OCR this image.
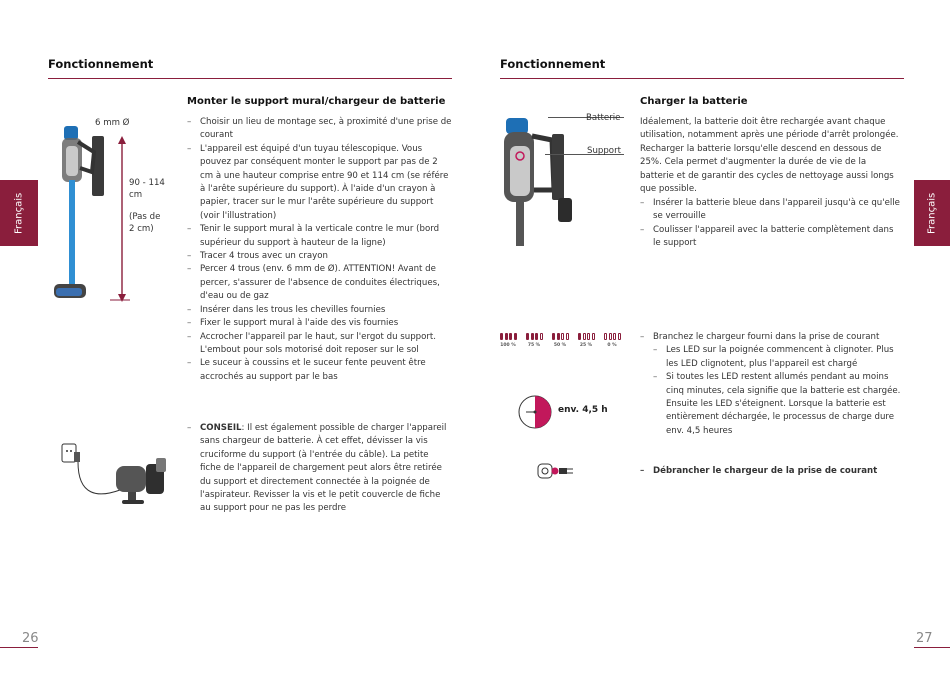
Fonctionnement
Français
6 mm Ø
90 - 114
cm
(Pas de
2 cm)
Monter le support mural/chargeur de batterie
– Choisir un lieu de montage sec, à proximité d'une prise de courant
– L'appareil est équipé d'un tuyau télescopique. Vous pouvez par conséquent monter le support par pas de 2 cm à une hauteur comprise entre 90 et 114 cm (se référe à l'arête supérieure du support). À l'aide d'un crayon à papier, tracer sur le mur l'arête supérieure du support (voir l'illustration)
– Tenir le support mural à la verticale contre le mur (bord supérieur du support à hauteur de la ligne)
– Tracer 4 trous avec un crayon
– Percer 4 trous (env. 6 mm de Ø). ATTENTION! Avant de percer, s'assurer de l'absence de conduites électriques, d'eau ou de gaz
– Insérer dans les trous les chevilles fournies
– Fixer le support mural à l'aide des vis fournies
– Accrocher l'appareil par le haut, sur l'ergot du support. L'embout pour sols motorisé doit reposer sur le sol
– Le suceur à coussins et le suceur fente peuvent être accrochés au support par le bas
– CONSEIL: Il est également possible de charger l'appareil sans chargeur de batterie. À cet effet, dévisser la vis cruciforme du support (à l'entrée du câble). La petite fiche de l'appareil de chargement peut alors être retirée du support et directement connectée à la poignée de l'aspirateur. Revisser la vis et le petit couvercle de fiche au support pour ne pas les perdre
26
Fonctionnement
Français
Batterie
Support
Charger la batterie
Idéalement, la batterie doit être rechargée avant chaque utilisation, notamment après une période d'arrêt prolongée. Recharger la batterie lorsqu'elle descend en dessous de 25%. Cela permet d'augmenter la durée de vie de la batterie et de garantir des cycles de nettoyage aussi longs que possible.
– Insérer la batterie bleue dans l'appareil jusqu'à ce qu'elle se verrouille
– Coulisser l'appareil avec la batterie complètement dans le support
100 %	75 %	50 %	25 %	0 %
env. 4,5 h
– Branchez le chargeur fourni dans la prise de courant
– Les LED sur la poignée commencent à clignoter. Plus les LED clignotent, plus l'appareil est chargé
– Si toutes les LED restent allumés pendant au moins cinq minutes, cela signifie que la batterie est chargée. Ensuite les LED s'éteignent. Lorsque la batterie est entièrement déchargée, le processus de charge dure env. 4,5 heures
– Débrancher le chargeur de la prise de courant
27
